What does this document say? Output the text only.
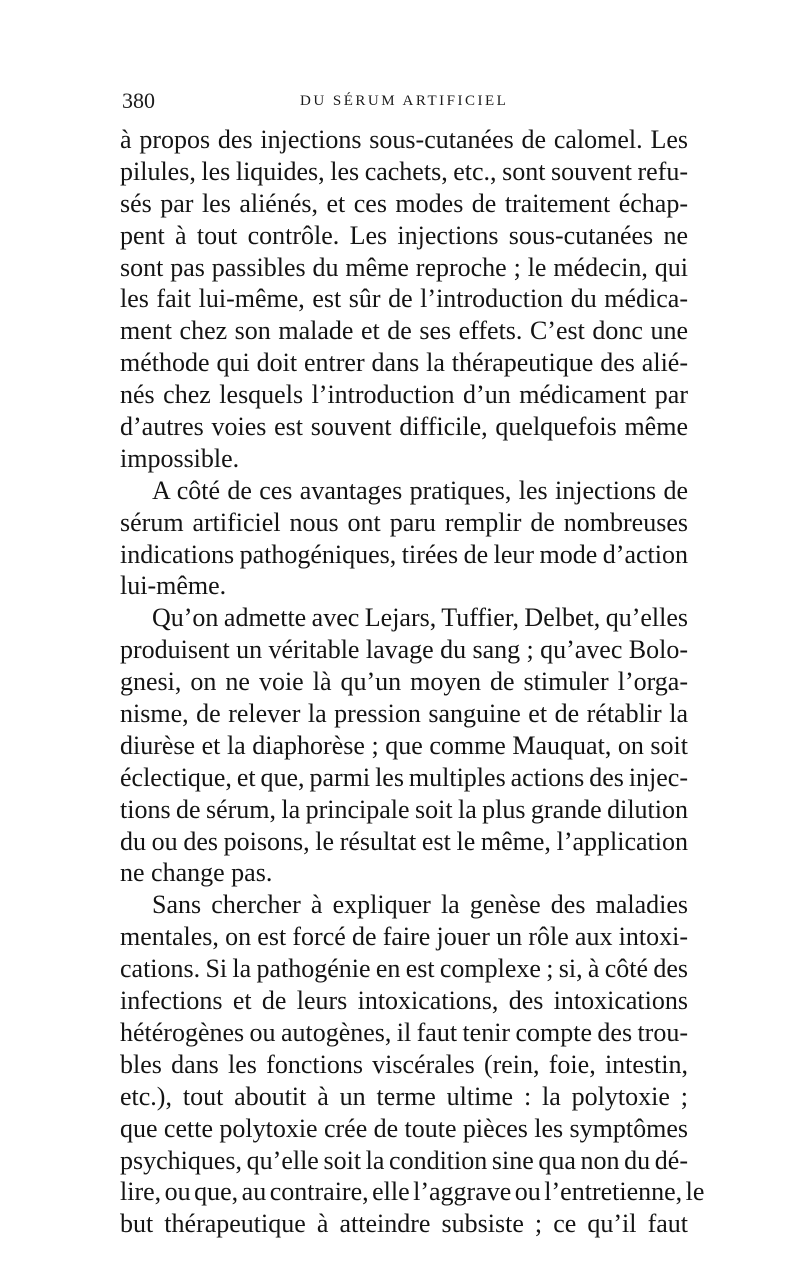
380	DU SÉRUM ARTIFICIEL
à propos des injections sous-cutanées de calomel. Les
pilules, les liquides, les cachets, etc., sont souvent refu-
sés par les aliénés, et ces modes de traitement échap-
pent à tout contrôle. Les injections sous-cutanées ne
sont pas passibles du même reproche ; le médecin, qui
les fait lui-même, est sûr de l’introduction du médica-
ment chez son malade et de ses effets. C’est donc une
méthode qui doit entrer dans la thérapeutique des alié-
nés chez lesquels l’introduction d’un médicament par
d’autres voies est souvent difficile, quelquefois même
impossible.
A côté de ces avantages pratiques, les injections de
sérum artificiel nous ont paru remplir de nombreuses
indications pathogéniques, tirées de leur mode d’action
lui-même.
Qu’on admette avec Lejars, Tuffier, Delbet, qu’elles
produisent un véritable lavage du sang ; qu’avec Bolo-
gnesi, on ne voie là qu’un moyen de stimuler l’orga-
nisme, de relever la pression sanguine et de rétablir la
diurèse et la diaphorèse ; que comme Mauquat, on soit
éclectique, et que, parmi les multiples actions des injec-
tions de sérum, la principale soit la plus grande dilution
du ou des poisons, le résultat est le même, l’application
ne change pas.
Sans chercher à expliquer la genèse des maladies
mentales, on est forcé de faire jouer un rôle aux intoxi-
cations. Si la pathogénie en est complexe ; si, à côté des
infections et de leurs intoxications, des intoxications
hétérogènes ou autogènes, il faut tenir compte des trou-
bles dans les fonctions viscérales (rein, foie, intestin,
etc.), tout aboutit à un terme ultime : la polytoxie ;
que cette polytoxie crée de toute pièces les symptômes
psychiques, qu’elle soit la condition sine qua non du dé-
lire, ou que, au contraire, elle l’aggrave ou l’entretienne, le
but thérapeutique à atteindre subsiste ; ce qu’il faut
